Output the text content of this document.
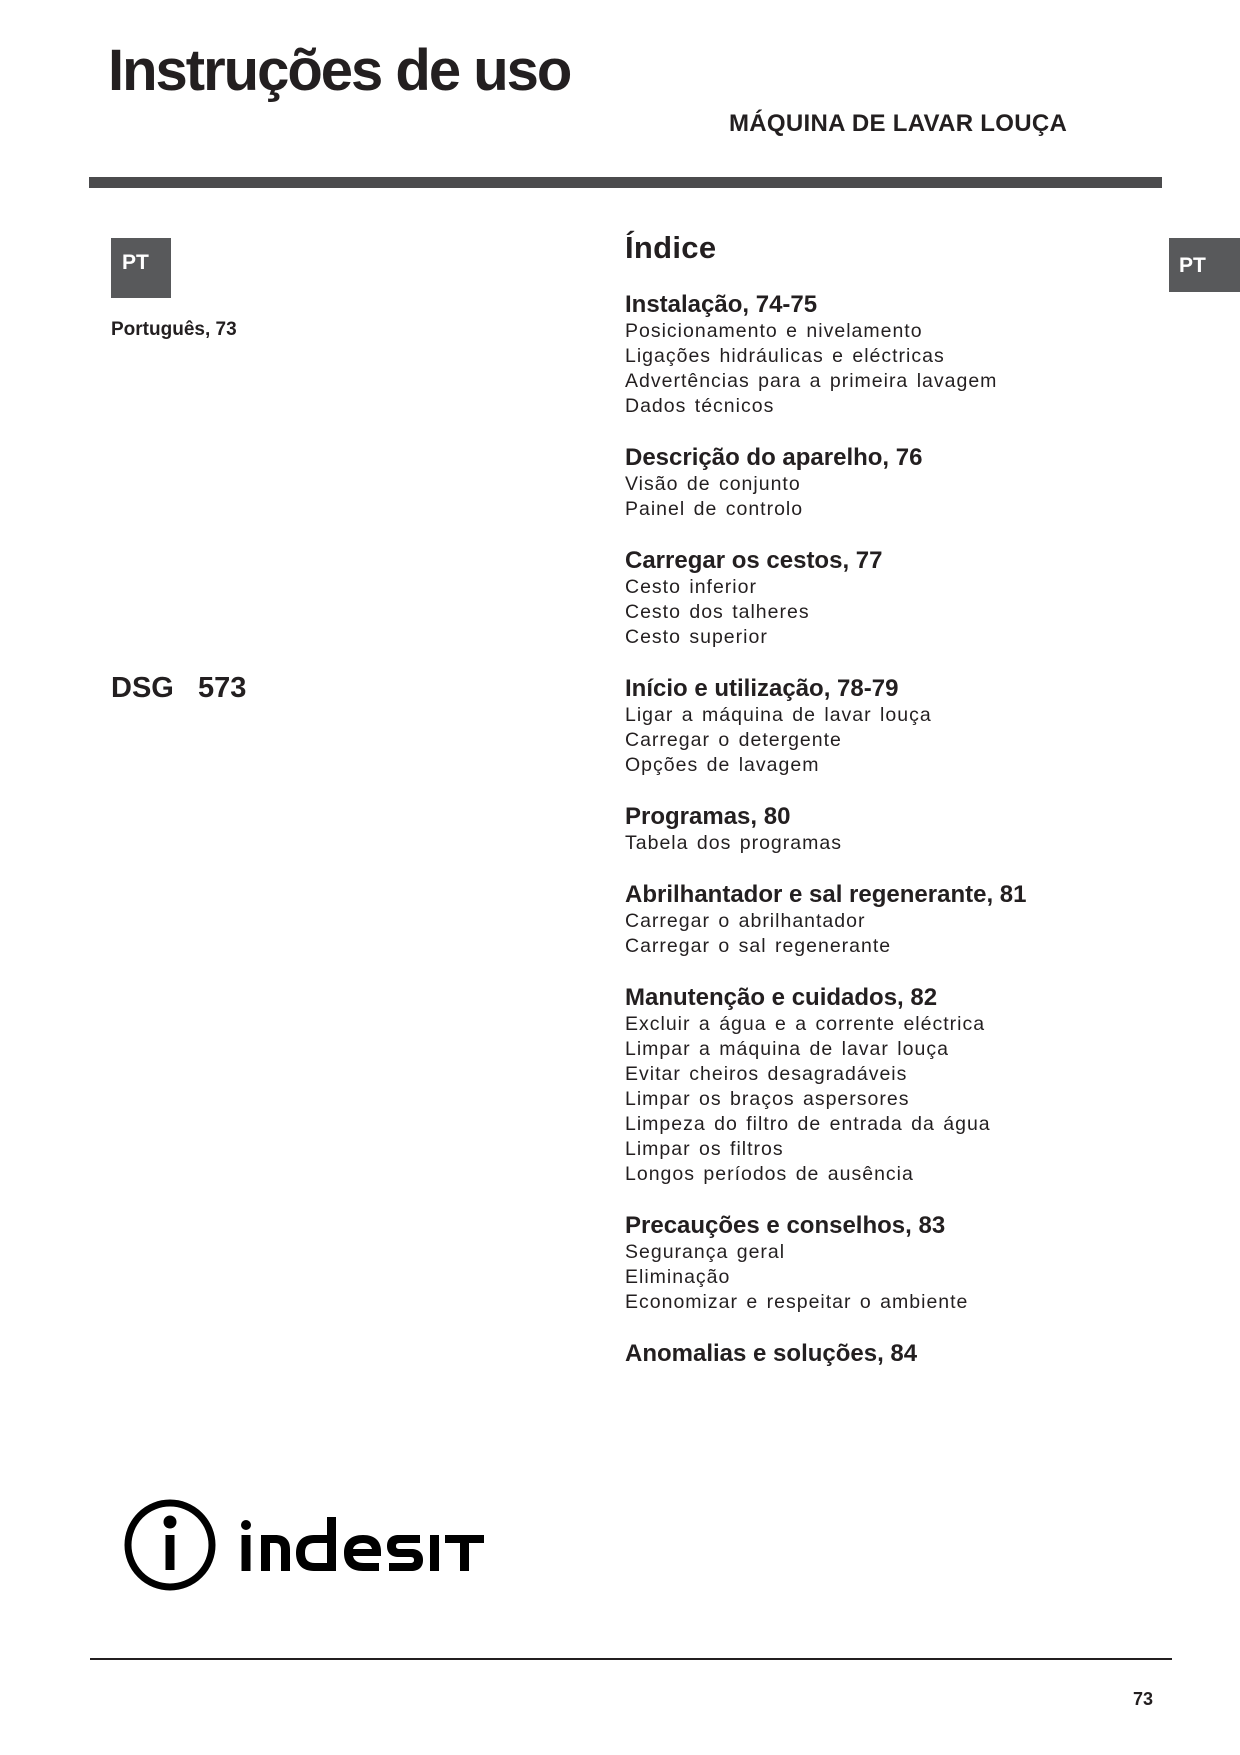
Instruções de uso
MÁQUINA DE LAVAR LOUÇA
PT
Português, 73
DSG   573
PT
Índice
Instalação, 74-75
Posicionamento e nivelamento
Ligações hidráulicas e eléctricas
Advertências para a primeira lavagem
Dados técnicos
Descrição do aparelho, 76
Visão de conjunto
Painel de controlo
Carregar os cestos, 77
Cesto inferior
Cesto dos talheres
Cesto superior
Início e utilização, 78-79
Ligar a máquina de lavar louça
Carregar o detergente
Opções de lavagem
Programas, 80
Tabela dos programas
Abrilhantador e sal regenerante, 81
Carregar o abrilhantador
Carregar o sal regenerante
Manutenção e cuidados, 82
Excluir a água e a corrente eléctrica
Limpar a máquina de lavar louça
Evitar cheiros desagradáveis
Limpar os braços aspersores
Limpeza do filtro de entrada da água
Limpar os filtros
Longos períodos de ausência
Precauções e conselhos, 83
Segurança geral
Eliminação
Economizar e respeitar o ambiente
Anomalias e soluções, 84
73
